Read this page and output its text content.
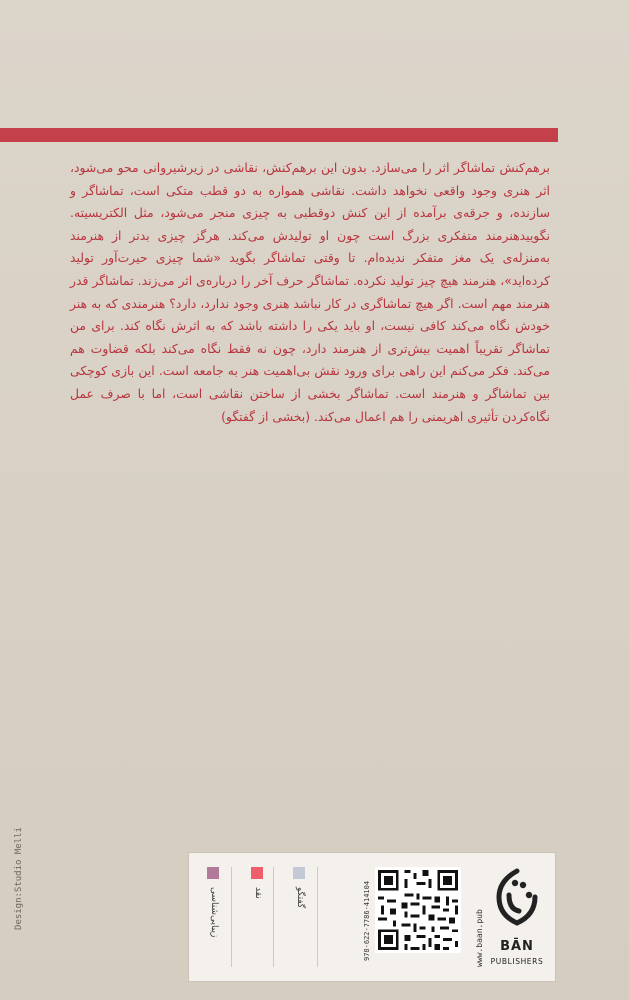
برهم‌کنش تماشاگر اثر را می‌سازد. بدون این برهم‌کنش، نقاشی در زیرشیروانی محو می‌شود، اثر هنری وجود واقعی نخواهد داشت. نقاشی همواره به دو قطب متکی است، تماشاگر و سازنده، و جرقه‌ی برآمده از این کنش دوقطبی به چیزی منجر می‌شود، مثل الکتریسیته. نگوییدهنرمند متفکری بزرگ است چون او تولیدش می‌کند. هرگز چیزی بدتر از هنرمند به‌منزله‌ی یک مغز متفکر ندیده‌ام. تا وقتی تماشاگر بگوید «شما چیزی حیرت‌آور تولید کرده‌اید»، هنرمند هیچ چیز تولید نکرده. تماشاگر حرف آخر را درباره‌ی اثر می‌زند. تماشاگر قدر هنرمند مهم است. اگر هیچ تماشاگری در کار نباشد هنری وجود ندارد، دارد؟ هنرمندی که به هنر خودش نگاه می‌کند کافی نیست، او باید یکی را داشته باشد که به اثرش نگاه کند. برای من تماشاگر تقریباً اهمیت بیش‌تری از هنرمند دارد، چون نه فقط نگاه می‌کند بلکه قضاوت هم می‌کند. فکر می‌کنم این راهی برای ورود نقش بی‌اهمیت هنر به جامعه است. این بازی کوچکی بین تماشاگر و هنرمند است. تماشاگر بخشی از ساختن نقاشی است، اما با صرف عمل نگاه‌کردن تأثیری اهریمنی را هم اعمال می‌کند. (بخشی از گفتگو)

Design:Studio Melli	زیبایی‌شناسی	نقد	گفتگو	978-622-7786-414104	www.baan.pub	BĀN
PUBLISHERS
